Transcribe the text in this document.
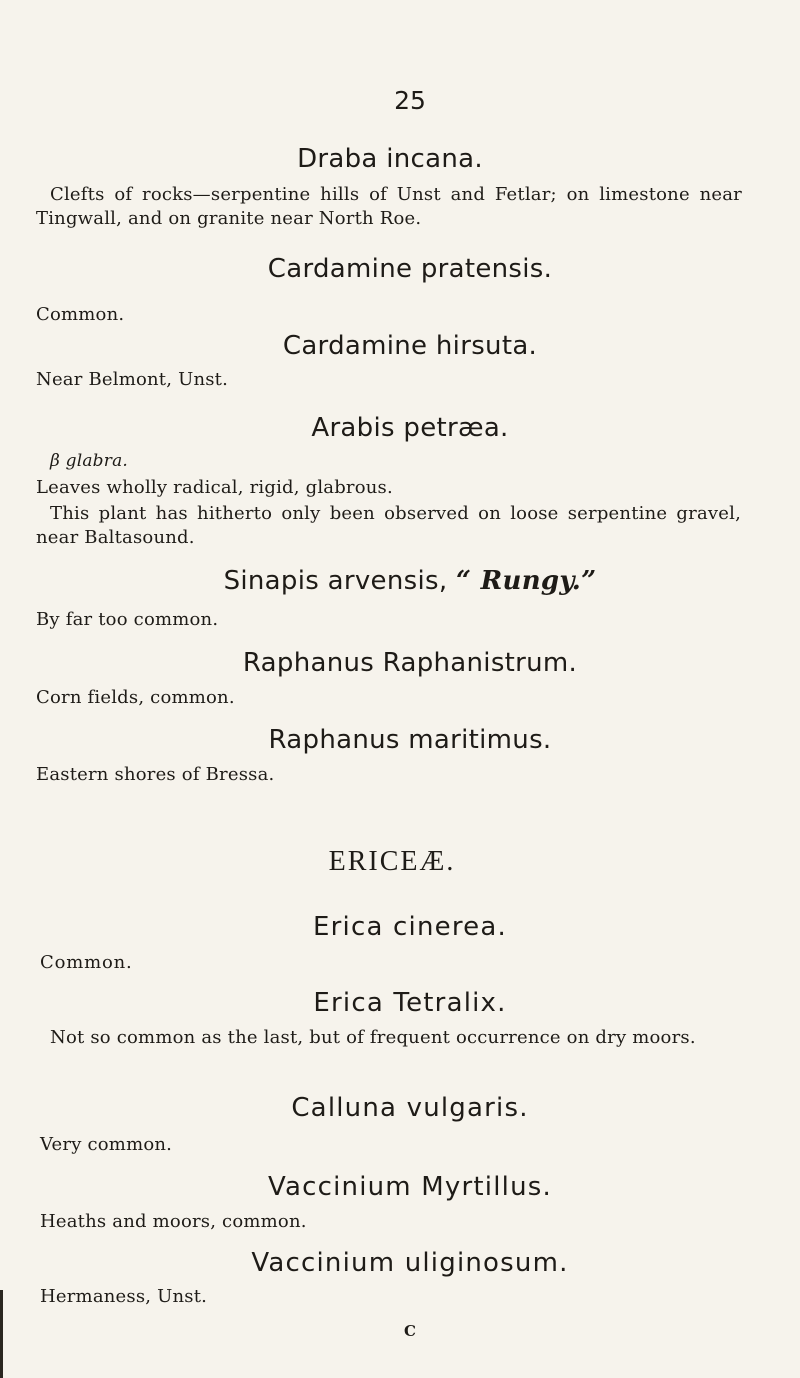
25
Draba incana.
Clefts of rocks—serpentine hills of Unst and Fetlar; on limestone near Tingwall, and on granite near North Roe.
Cardamine pratensis.
Common.
Cardamine hirsuta.
Near Belmont, Unst.
Arabis petræa.
β glabra.
Leaves wholly radical, rigid, glabrous.
This plant has hitherto only been observed on loose serpentine gravel, near Baltasound.
Sinapis arvensis, “ Rungy.”
By far too common.
Raphanus Raphanistrum.
Corn fields, common.
Raphanus maritimus.
Eastern shores of Bressa.
ERICEÆ.
Erica cinerea.
Common.
Erica Tetralix.
Not so common as the last, but of frequent occurrence on dry moors.
Calluna vulgaris.
Very common.
Vaccinium Myrtillus.
Heaths and moors, common.
Vaccinium uliginosum.
Hermaness, Unst.
C
